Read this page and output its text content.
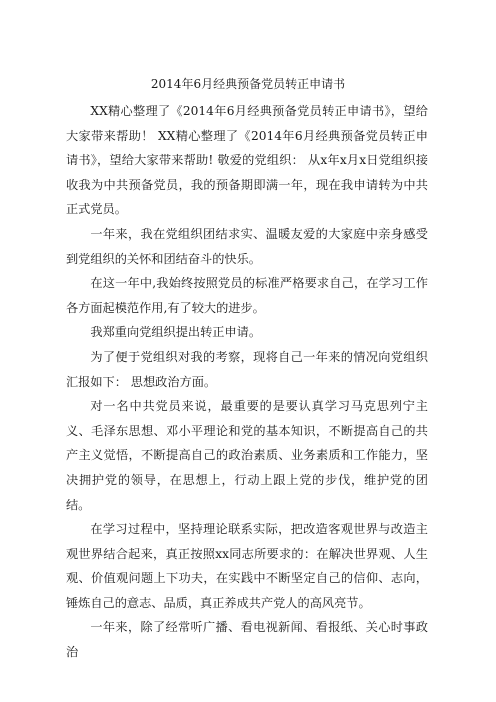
2014年6月经典预备党员转正申请书

XX精心整理了《2014年6月经典预备党员转正申请书》，望给大家带来帮助！ XX精心整理了《2014年6月经典预备党员转正申请书》，望给大家带来帮助! 敬爱的党组织： 从x年x月x日党组织接收我为中共预备党员，我的预备期即满一年，现在我申请转为中共正式党员。

一年来，我在党组织团结求实、温暖友爱的大家庭中亲身感受到党组织的关怀和团结奋斗的快乐。

在这一年中,我始终按照党员的标准严格要求自己，在学习工作各方面起模范作用,有了较大的进步。

我郑重向党组织提出转正申请。

为了便于党组织对我的考察，现将自己一年来的情况向党组织汇报如下： 思想政治方面。

对一名中共党员来说，最重要的是要认真学习马克思列宁主义、毛泽东思想、邓小平理论和党的基本知识，不断提高自己的共产主义觉悟，不断提高自己的政治素质、业务素质和工作能力，坚决拥护党的领导，在思想上，行动上跟上党的步伐，维护党的团结。

在学习过程中，坚持理论联系实际，把改造客观世界与改造主观世界结合起来，真正按照xx同志所要求的：在解决世界观、人生观、价值观问题上下功夫，在实践中不断坚定自己的信仰、志向，锤炼自己的意志、品质，真正养成共产党人的高风亮节。

一年来，除了经常听广播、看电视新闻、看报纸、关心时事政治
